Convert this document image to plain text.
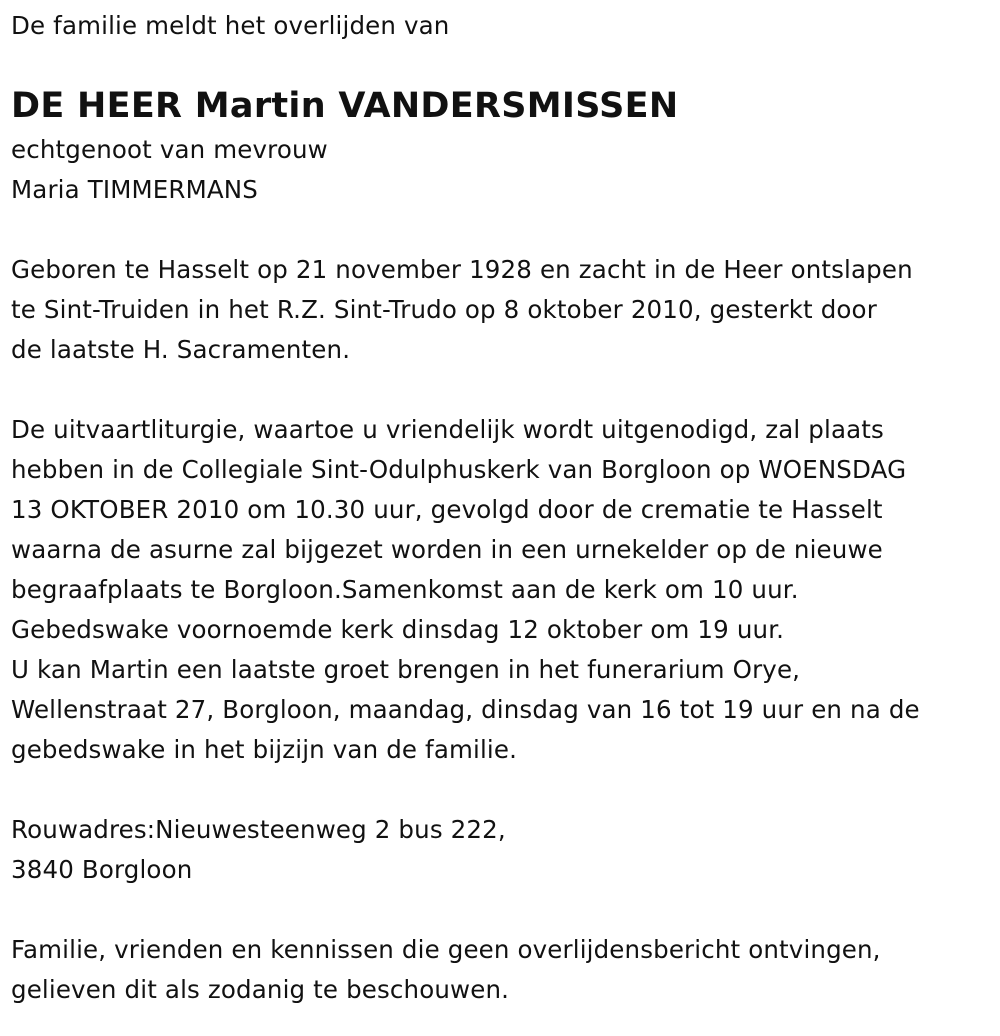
De familie meldt het overlijden van
DE HEER Martin VANDERSMISSEN
echtgenoot van mevrouw
Maria TIMMERMANS
Geboren te Hasselt op 21 november 1928 en zacht in de Heer ontslapen
te Sint-Truiden in het R.Z. Sint-Trudo op 8 oktober 2010, gesterkt door
de laatste H. Sacramenten.
De uitvaartliturgie, waartoe u vriendelijk wordt uitgenodigd, zal plaats
hebben in de Collegiale Sint-Odulphuskerk van Borgloon op WOENSDAG
13 OKTOBER 2010 om 10.30 uur, gevolgd door de crematie te Hasselt
waarna de asurne zal bijgezet worden in een urnekelder op de nieuwe
begraafplaats te Borgloon.Samenkomst aan de kerk om 10 uur.
Gebedswake voornoemde kerk dinsdag 12 oktober om 19 uur.
U kan Martin een laatste groet brengen in het funerarium Orye,
Wellenstraat 27, Borgloon, maandag, dinsdag van 16 tot 19 uur en na de
gebedswake in het bijzijn van de familie.
Rouwadres:Nieuwesteenweg 2 bus 222,
3840 Borgloon
Familie, vrienden en kennissen die geen overlijdensbericht ontvingen,
gelieven dit als zodanig te beschouwen.
